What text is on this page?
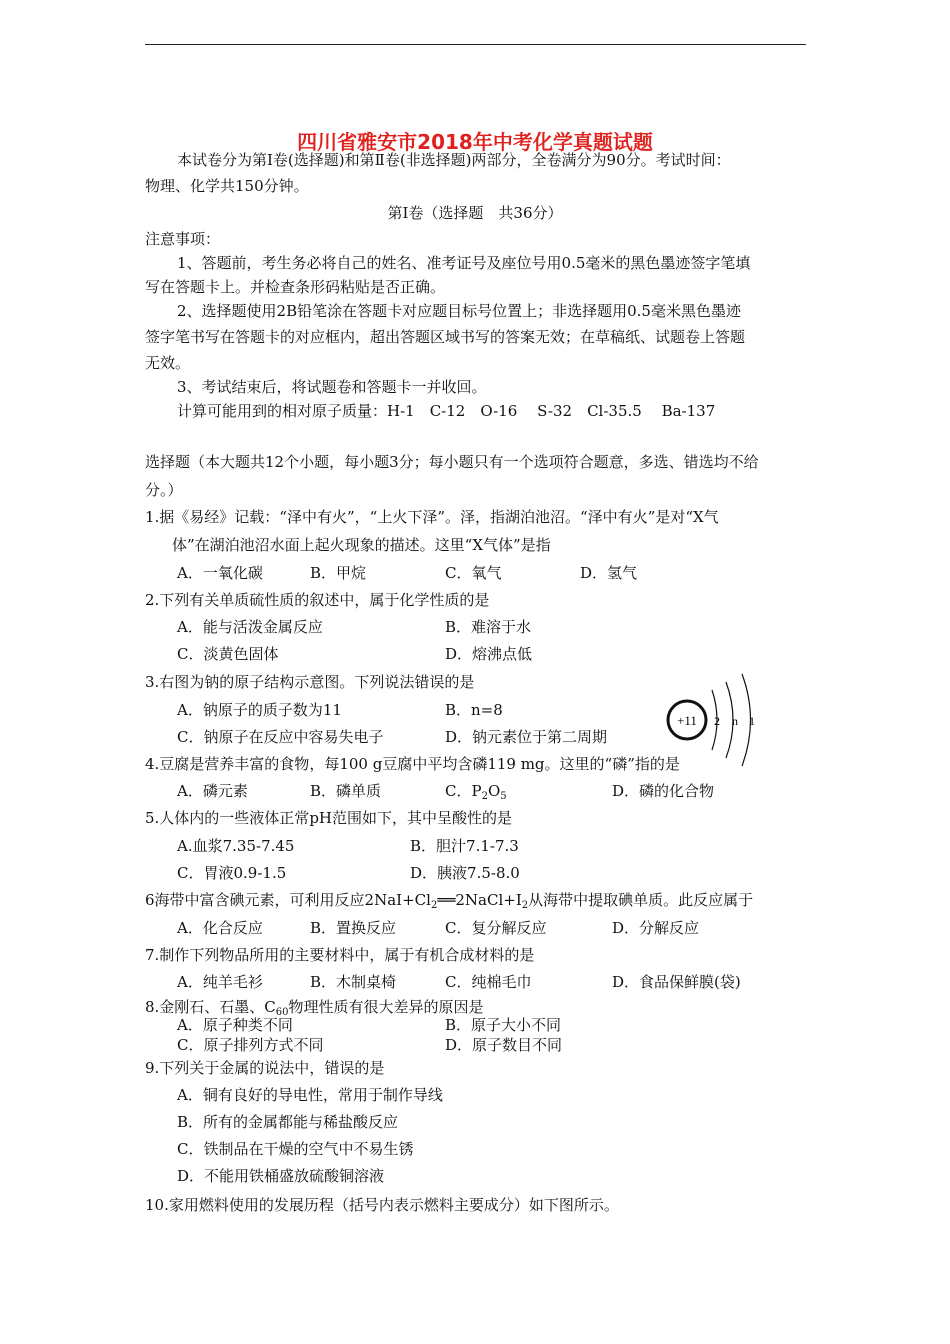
四川省雅安市2018年中考化学真题试题
本试卷分为第Ⅰ卷(选择题)和第Ⅱ卷(非选择题)两部分，全卷满分为90分。考试时间：
物理、化学共150分钟。
第Ⅰ卷（选择题　共36分）
注意事项：
1、答题前，考生务必将自己的姓名、准考证号及座位号用0.5毫米的黑色墨迹签字笔填
写在答题卡上。并检查条形码粘贴是否正确。
2、选择题使用2B铅笔涂在答题卡对应题目标号位置上；非选择题用0.5毫米黑色墨迹
签字笔书写在答题卡的对应框内，超出答题区域书写的答案无效；在草稿纸、试题卷上答题
无效。
3、考试结束后，将试题卷和答题卡一并收回。
计算可能用到的相对原子质量：H-1　C-12　O-16　 S-32　Cl-35.5　 Ba-137
选择题（本大题共12个小题，每小题3分；每小题只有一个选项符合题意，多选、错选均不给
分。）
1.据《易经》记载：“泽中有火”，“上火下泽”。泽，指湖泊池沼。“泽中有火”是对“X气
体”在湖泊池沼水面上起火现象的描述。这里“X气体”是指
A．一氧化碳	B．甲烷	C．氧气	D．氢气
2.下列有关单质硫性质的叙述中，属于化学性质的是
A．能与活泼金属反应	B．难溶于水
C．淡黄色固体	D．熔沸点低
3.右图为钠的原子结构示意图。下列说法错误的是
A．钠原子的质子数为11	B．n=8
C．钠原子在反应中容易失电子	D．钠元素位于第二周期
+11 2 n 1
4.豆腐是营养丰富的食物，每100 g豆腐中平均含磷119 mg。这里的“磷”指的是
A．磷元素	B．磷单质	C．$P_2O_5$	D．磷的化合物
5.人体内的一些液体正常pH范围如下，其中呈酸性的是
A.血浆7.35-7.45	B．胆汁7.1-7.3
C．胃液0.9-1.5	D．胰液7.5-8.0
6海带中富含碘元素，可利用反应$2NaI+Cl_2══2NaCl+I_2$从海带中提取碘单质。此反应属于
A．化合反应	B．置换反应	C．复分解反应	D．分解反应
7.制作下列物品所用的主要材料中，属于有机合成材料的是
A．纯羊毛衫	B．木制桌椅	C．纯棉毛巾	D．食品保鲜膜(袋)
8.金刚石、石墨、$C_{60}$物理性质有很大差异的原因是
A．原子种类不同	B．原子大小不同
C．原子排列方式不同	D．原子数目不同
9.下列关于金属的说法中，错误的是
A．铜有良好的导电性，常用于制作导线
B．所有的金属都能与稀盐酸反应
C．铁制品在干燥的空气中不易生锈
D．不能用铁桶盛放硫酸铜溶液
10.家用燃料使用的发展历程（括号内表示燃料主要成分）如下图所示。
